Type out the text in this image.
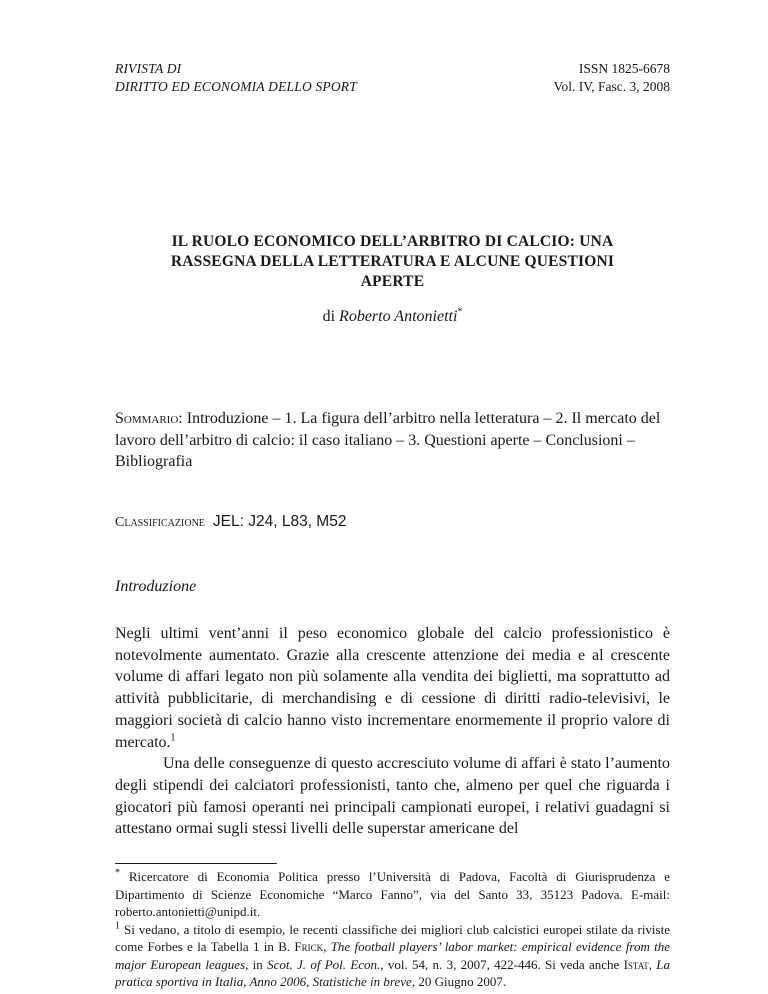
RIVISTA DI
DIRITTO ED ECONOMIA DELLO SPORT
ISSN 1825-6678
Vol. IV, Fasc. 3, 2008
IL RUOLO ECONOMICO DELL’ARBITRO DI CALCIO: UNA
RASSEGNA DELLA LETTERATURA E ALCUNE QUESTIONI
APERTE
di Roberto Antonietti*
Sommario: Introduzione – 1. La figura dell’arbitro nella letteratura – 2. Il mercato del lavoro dell’arbitro di calcio: il caso italiano – 3. Questioni aperte – Conclusioni – Bibliografia
Classificazione JEL: J24, L83, M52
Introduzione

Negli ultimi vent’anni il peso economico globale del calcio professionistico è notevolmente aumentato. Grazie alla crescente attenzione dei media e al crescente volume di affari legato non più solamente alla vendita dei biglietti, ma soprattutto ad attività pubblicitarie, di merchandising e di cessione di diritti radio-televisivi, le maggiori società di calcio hanno visto incrementare enormemente il proprio valore di mercato.$^1$

Una delle conseguenze di questo accresciuto volume di affari è stato l’aumento degli stipendi dei calciatori professionisti, tanto che, almeno per quel che riguarda i giocatori più famosi operanti nei principali campionati europei, i relativi guadagni si attestano ormai sugli stessi livelli delle superstar americane del

* Ricercatore di Economia Politica presso l’Università di Padova, Facoltà di Giurisprudenza e Dipartimento di Scienze Economiche “Marco Fanno”, via del Santo 33, 35123 Padova. E-mail: roberto.antonietti@unipd.it.

$^1$ Si vedano, a titolo di esempio, le recenti classifiche dei migliori club calcistici europei stilate da riviste come Forbes e la Tabella 1 in B. Frick, The football players’ labor market: empirical evidence from the major European leagues, in Scot. J. of Pol. Econ., vol. 54, n. 3, 2007, 422-446. Si veda anche Istat, La pratica sportiva in Italia, Anno 2006, Statistiche in breve, 20 Giugno 2007.
